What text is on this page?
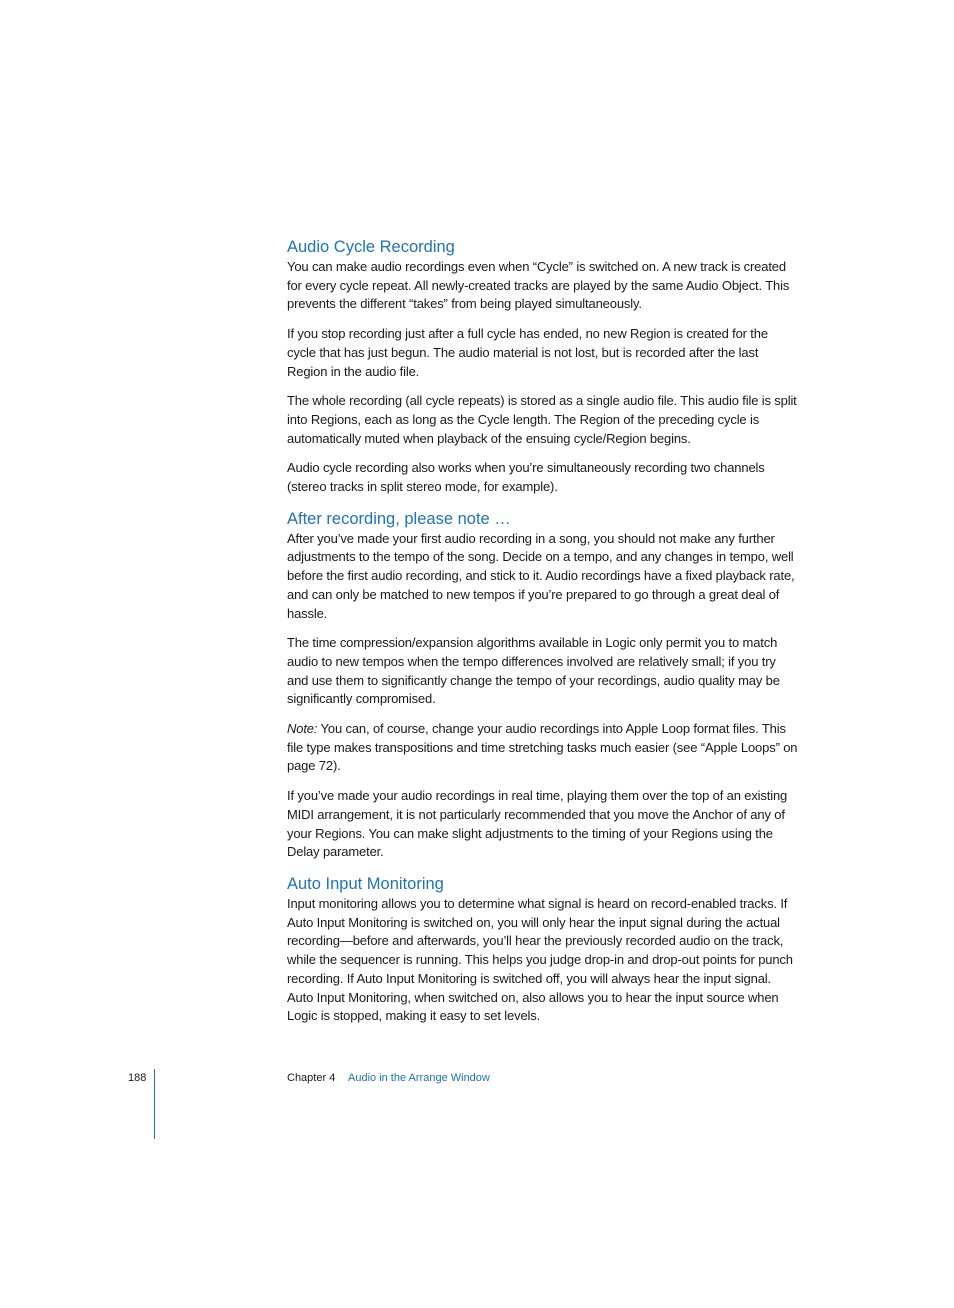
Audio Cycle Recording

You can make audio recordings even when “Cycle” is switched on. A new track is created for every cycle repeat. All newly-created tracks are played by the same Audio Object. This prevents the different “takes” from being played simultaneously.

If you stop recording just after a full cycle has ended, no new Region is created for the cycle that has just begun. The audio material is not lost, but is recorded after the last Region in the audio file.

The whole recording (all cycle repeats) is stored as a single audio file. This audio file is split into Regions, each as long as the Cycle length. The Region of the preceding cycle is automatically muted when playback of the ensuing cycle/Region begins.

Audio cycle recording also works when you’re simultaneously recording two channels (stereo tracks in split stereo mode, for example).

After recording, please note …

After you’ve made your first audio recording in a song, you should not make any further adjustments to the tempo of the song. Decide on a tempo, and any changes in tempo, well before the first audio recording, and stick to it. Audio recordings have a fixed playback rate, and can only be matched to new tempos if you’re prepared to go through a great deal of hassle.

The time compression/expansion algorithms available in Logic only permit you to match audio to new tempos when the tempo differences involved are relatively small; if you try and use them to significantly change the tempo of your recordings, audio quality may be significantly compromised.

Note: You can, of course, change your audio recordings into Apple Loop format files. This file type makes transpositions and time stretching tasks much easier (see “Apple Loops” on page 72).

If you’ve made your audio recordings in real time, playing them over the top of an existing MIDI arrangement, it is not particularly recommended that you move the Anchor of any of your Regions. You can make slight adjustments to the timing of your Regions using the Delay parameter.

Auto Input Monitoring

Input monitoring allows you to determine what signal is heard on record-enabled tracks. If Auto Input Monitoring is switched on, you will only hear the input signal during the actual recording—before and afterwards, you’ll hear the previously recorded audio on the track, while the sequencer is running. This helps you judge drop-in and drop-out points for punch recording. If Auto Input Monitoring is switched off, you will always hear the input signal. Auto Input Monitoring, when switched on, also allows you to hear the input source when Logic is stopped, making it easy to set levels.

188	Chapter 4 Audio in the Arrange Window
